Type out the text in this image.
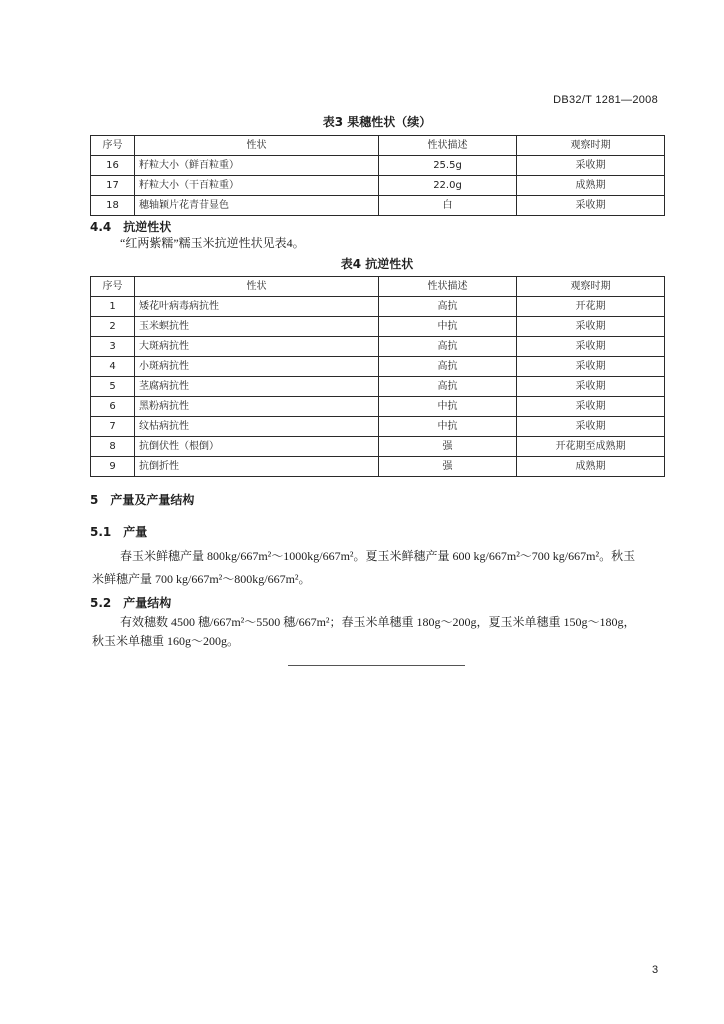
DB32/T 1281—2008
表3 果穗性状（续）
序号	性状	性状描述	观察时期
16	籽粒大小（鲜百粒重）	25.5g	采收期
17	籽粒大小（干百粒重）	22.0g	成熟期
18	穗轴颖片花青苷显色	白	采收期
4.4 抗逆性状
“红两紫糯”糯玉米抗逆性状见表4。
表4 抗逆性状
序号	性状	性状描述	观察时期
1	矮花叶病毒病抗性	高抗	开花期
2	玉米螟抗性	中抗	采收期
3	大斑病抗性	高抗	采收期
4	小斑病抗性	高抗	采收期
5	茎腐病抗性	高抗	采收期
6	黑粉病抗性	中抗	采收期
7	纹枯病抗性	中抗	采收期
8	抗倒伏性（根倒）	强	开花期至成熟期
9	抗倒折性	强	成熟期
5 产量及产量结构
5.1 产量
春玉米鲜穗产量 800kg/667m²～1000kg/667m²。夏玉米鲜穗产量 600 kg/667m²～700 kg/667m²。秋玉
米鲜穗产量 700 kg/667m²～800kg/667m²。
5.2 产量结构
有效穗数 4500 穗/667m²～5500 穗/667m²；春玉米单穗重 180g～200g，夏玉米单穗重 150g～180g，
秋玉米单穗重 160g～200g。
3
